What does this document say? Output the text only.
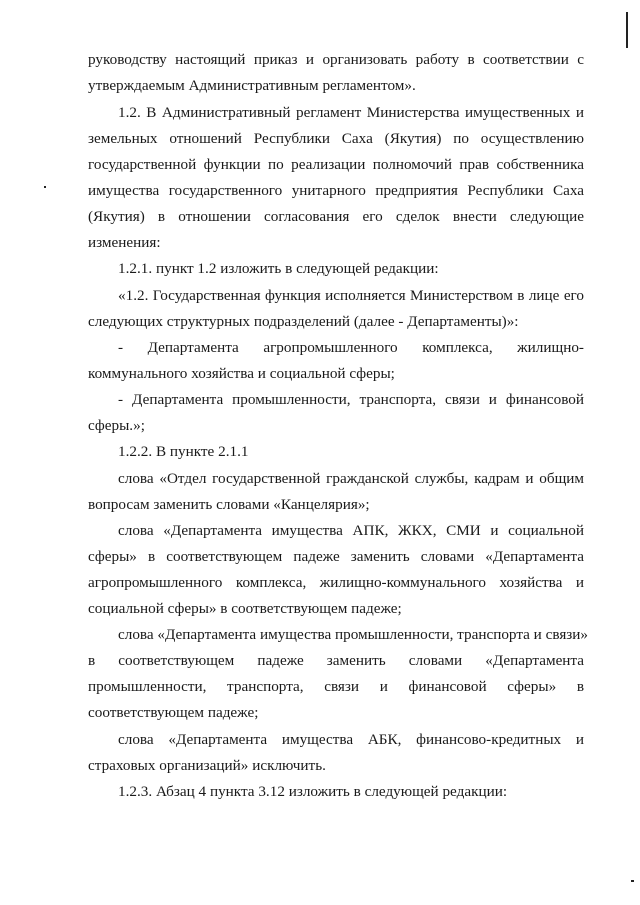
руководству настоящий приказ и организовать работу в соответствии с
утверждаемым Административным регламентом».
1.2. В Административный регламент Министерства имущественных и
земельных отношений Республики Саха (Якутия) по осуществлению
государственной функции по реализации полномочий прав собственника
имущества государственного унитарного предприятия Республики Саха
(Якутия) в отношении согласования его сделок внести следующие
изменения:
1.2.1. пункт 1.2 изложить в следующей редакции:
«1.2. Государственная функция исполняется Министерством в лице его
следующих структурных подразделений (далее - Департаменты)»:
- Департамента агропромышленного комплекса, жилищно-
коммунального хозяйства и социальной сферы;
- Департамента промышленности, транспорта, связи и финансовой
сферы.»;
1.2.2. В пункте 2.1.1
слова «Отдел государственной гражданской службы, кадрам и общим
вопросам заменить словами «Канцелярия»;
слова «Департамента имущества АПК, ЖКХ, СМИ и социальной
сферы» в соответствующем падеже заменить словами «Департамента
агропромышленного комплекса, жилищно-коммунального хозяйства и
социальной сферы» в соответствующем падеже;
слова «Департамента имущества промышленности, транспорта и связи»
в соответствующем падеже заменить словами «Департамента
промышленности, транспорта, связи и финансовой сферы» в
соответствующем падеже;
слова «Департамента имущества АБК, финансово-кредитных и
страховых организаций» исключить.
1.2.3. Абзац 4 пункта 3.12 изложить в следующей редакции:
